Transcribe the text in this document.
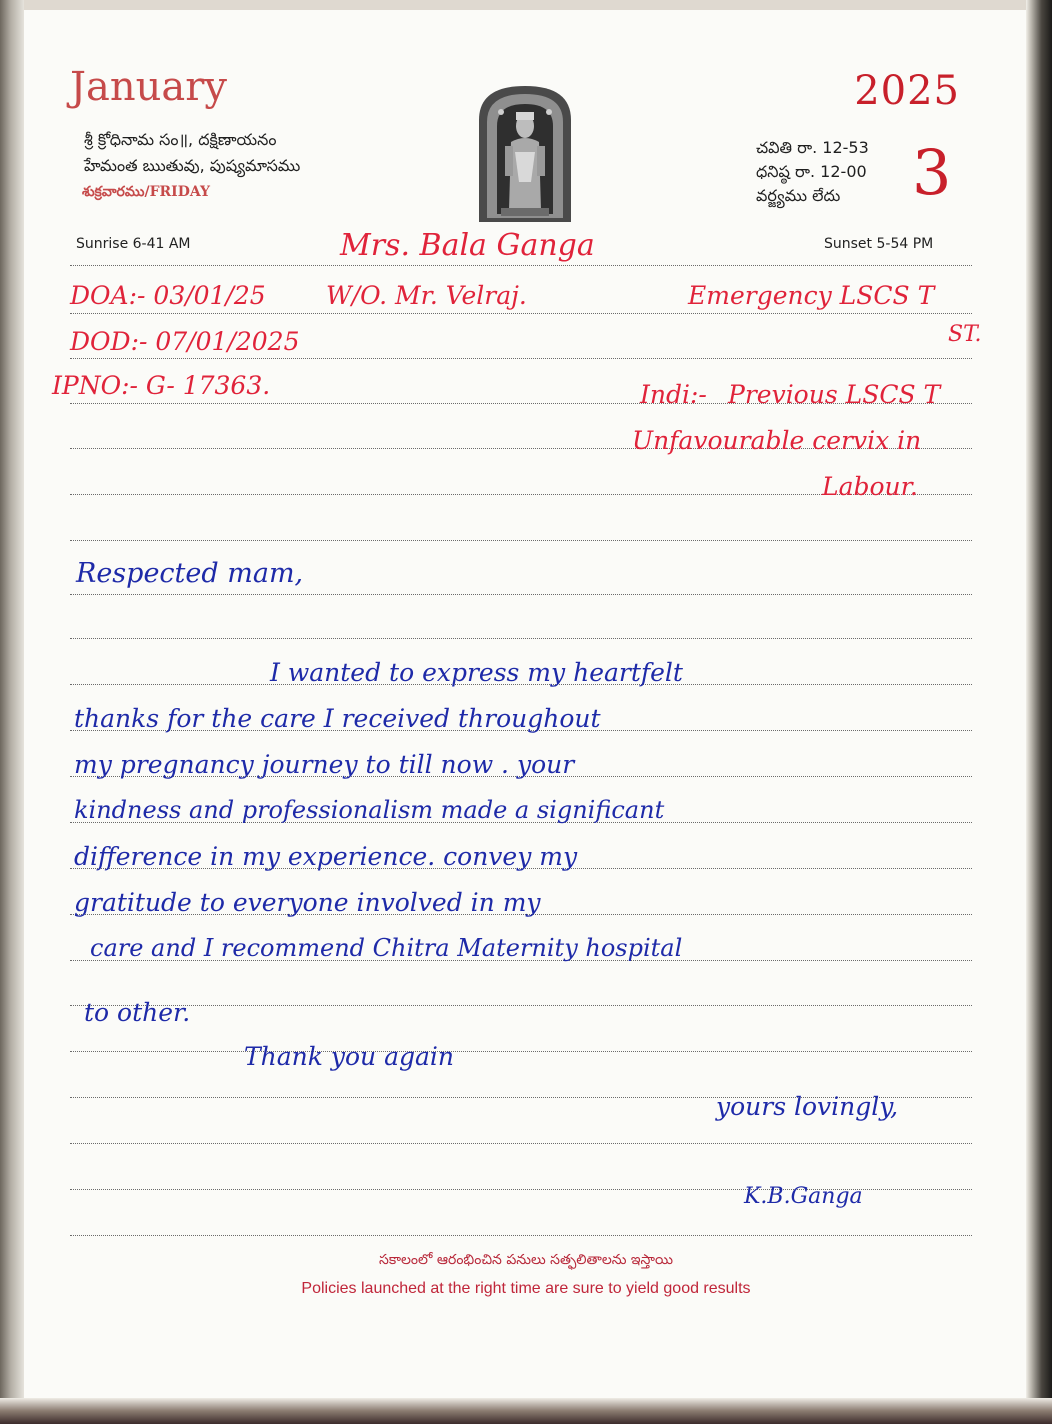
January	2025
3
శ్రీ క్రోధినామ సం॥, దక్షిణాయనం
హేమంత ఋతువు, పుష్యమాసము
శుక్రవారము/FRIDAY
చవితి రా. 12-53
ధనిష్ఠ రా. 12-00
వర్జ్యము లేదు
Sunrise 6-41 AM	Sunset 5-54 PM
Mrs. Bala Ganga
DOA:- 03/01/25 W/O. Mr. Velraj.	Emergency LSCS T
ST.
DOD:- 07/01/2025
IPNO:- G- 17363.	Indi:- Previous LSCS T
Unfavourable cervix in
Labour.
Respected mam,
I wanted to express my heartfelt
thanks for the care I received throughout
my pregnancy journey to till now . your
kindness and professionalism made a significant
difference in my experience. convey my
gratitude to everyone involved in my
care and I recommend Chitra Maternity hospital
to other.
Thank you again
yours lovingly,
K.B.Ganga
సకాలంలో ఆరంభించిన పనులు సత్ఫలితాలను ఇస్తాయి
Policies launched at the right time are sure to yield good results
